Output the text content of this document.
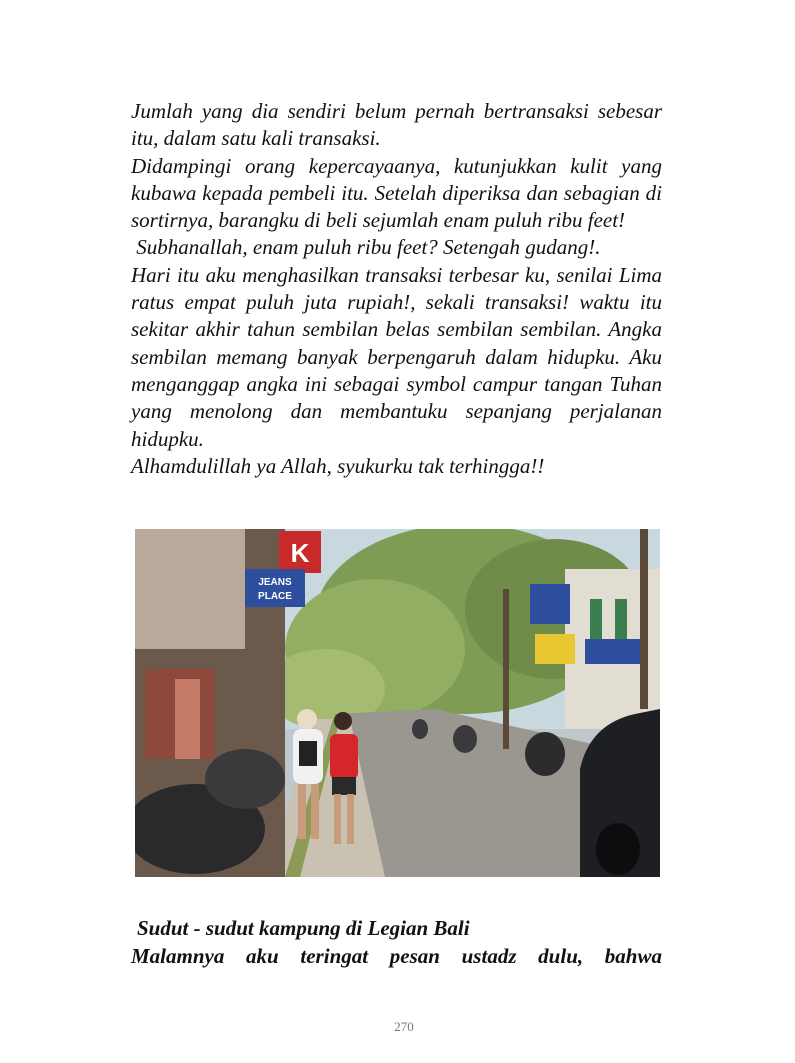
Jumlah yang dia sendiri belum pernah bertransaksi sebesar itu, dalam satu kali transaksi.

Didampingi orang kepercayaanya, kutunjukkan kulit yang kubawa kepada pembeli itu. Setelah diperiksa dan sebagian di sortirnya, barangku di beli sejumlah enam puluh ribu feet!

Subhanallah, enam puluh ribu feet? Setengah gudang!.

Hari itu aku menghasilkan transaksi terbesar ku, senilai Lima ratus empat puluh juta rupiah!, sekali transaksi! waktu itu sekitar akhir tahun sembilan belas sembilan sembilan. Angka sembilan memang banyak berpengaruh dalam hidupku. Aku menganggap angka ini sebagai symbol campur tangan Tuhan yang menolong dan membantuku sepanjang perjalanan hidupku.

Alhamdulillah ya Allah, syukurku tak terhingga!!

K
JEANS
PLACE

Sudut - sudut kampung di Legian Bali

Malamnya aku teringat pesan ustadz dulu, bahwa

270
